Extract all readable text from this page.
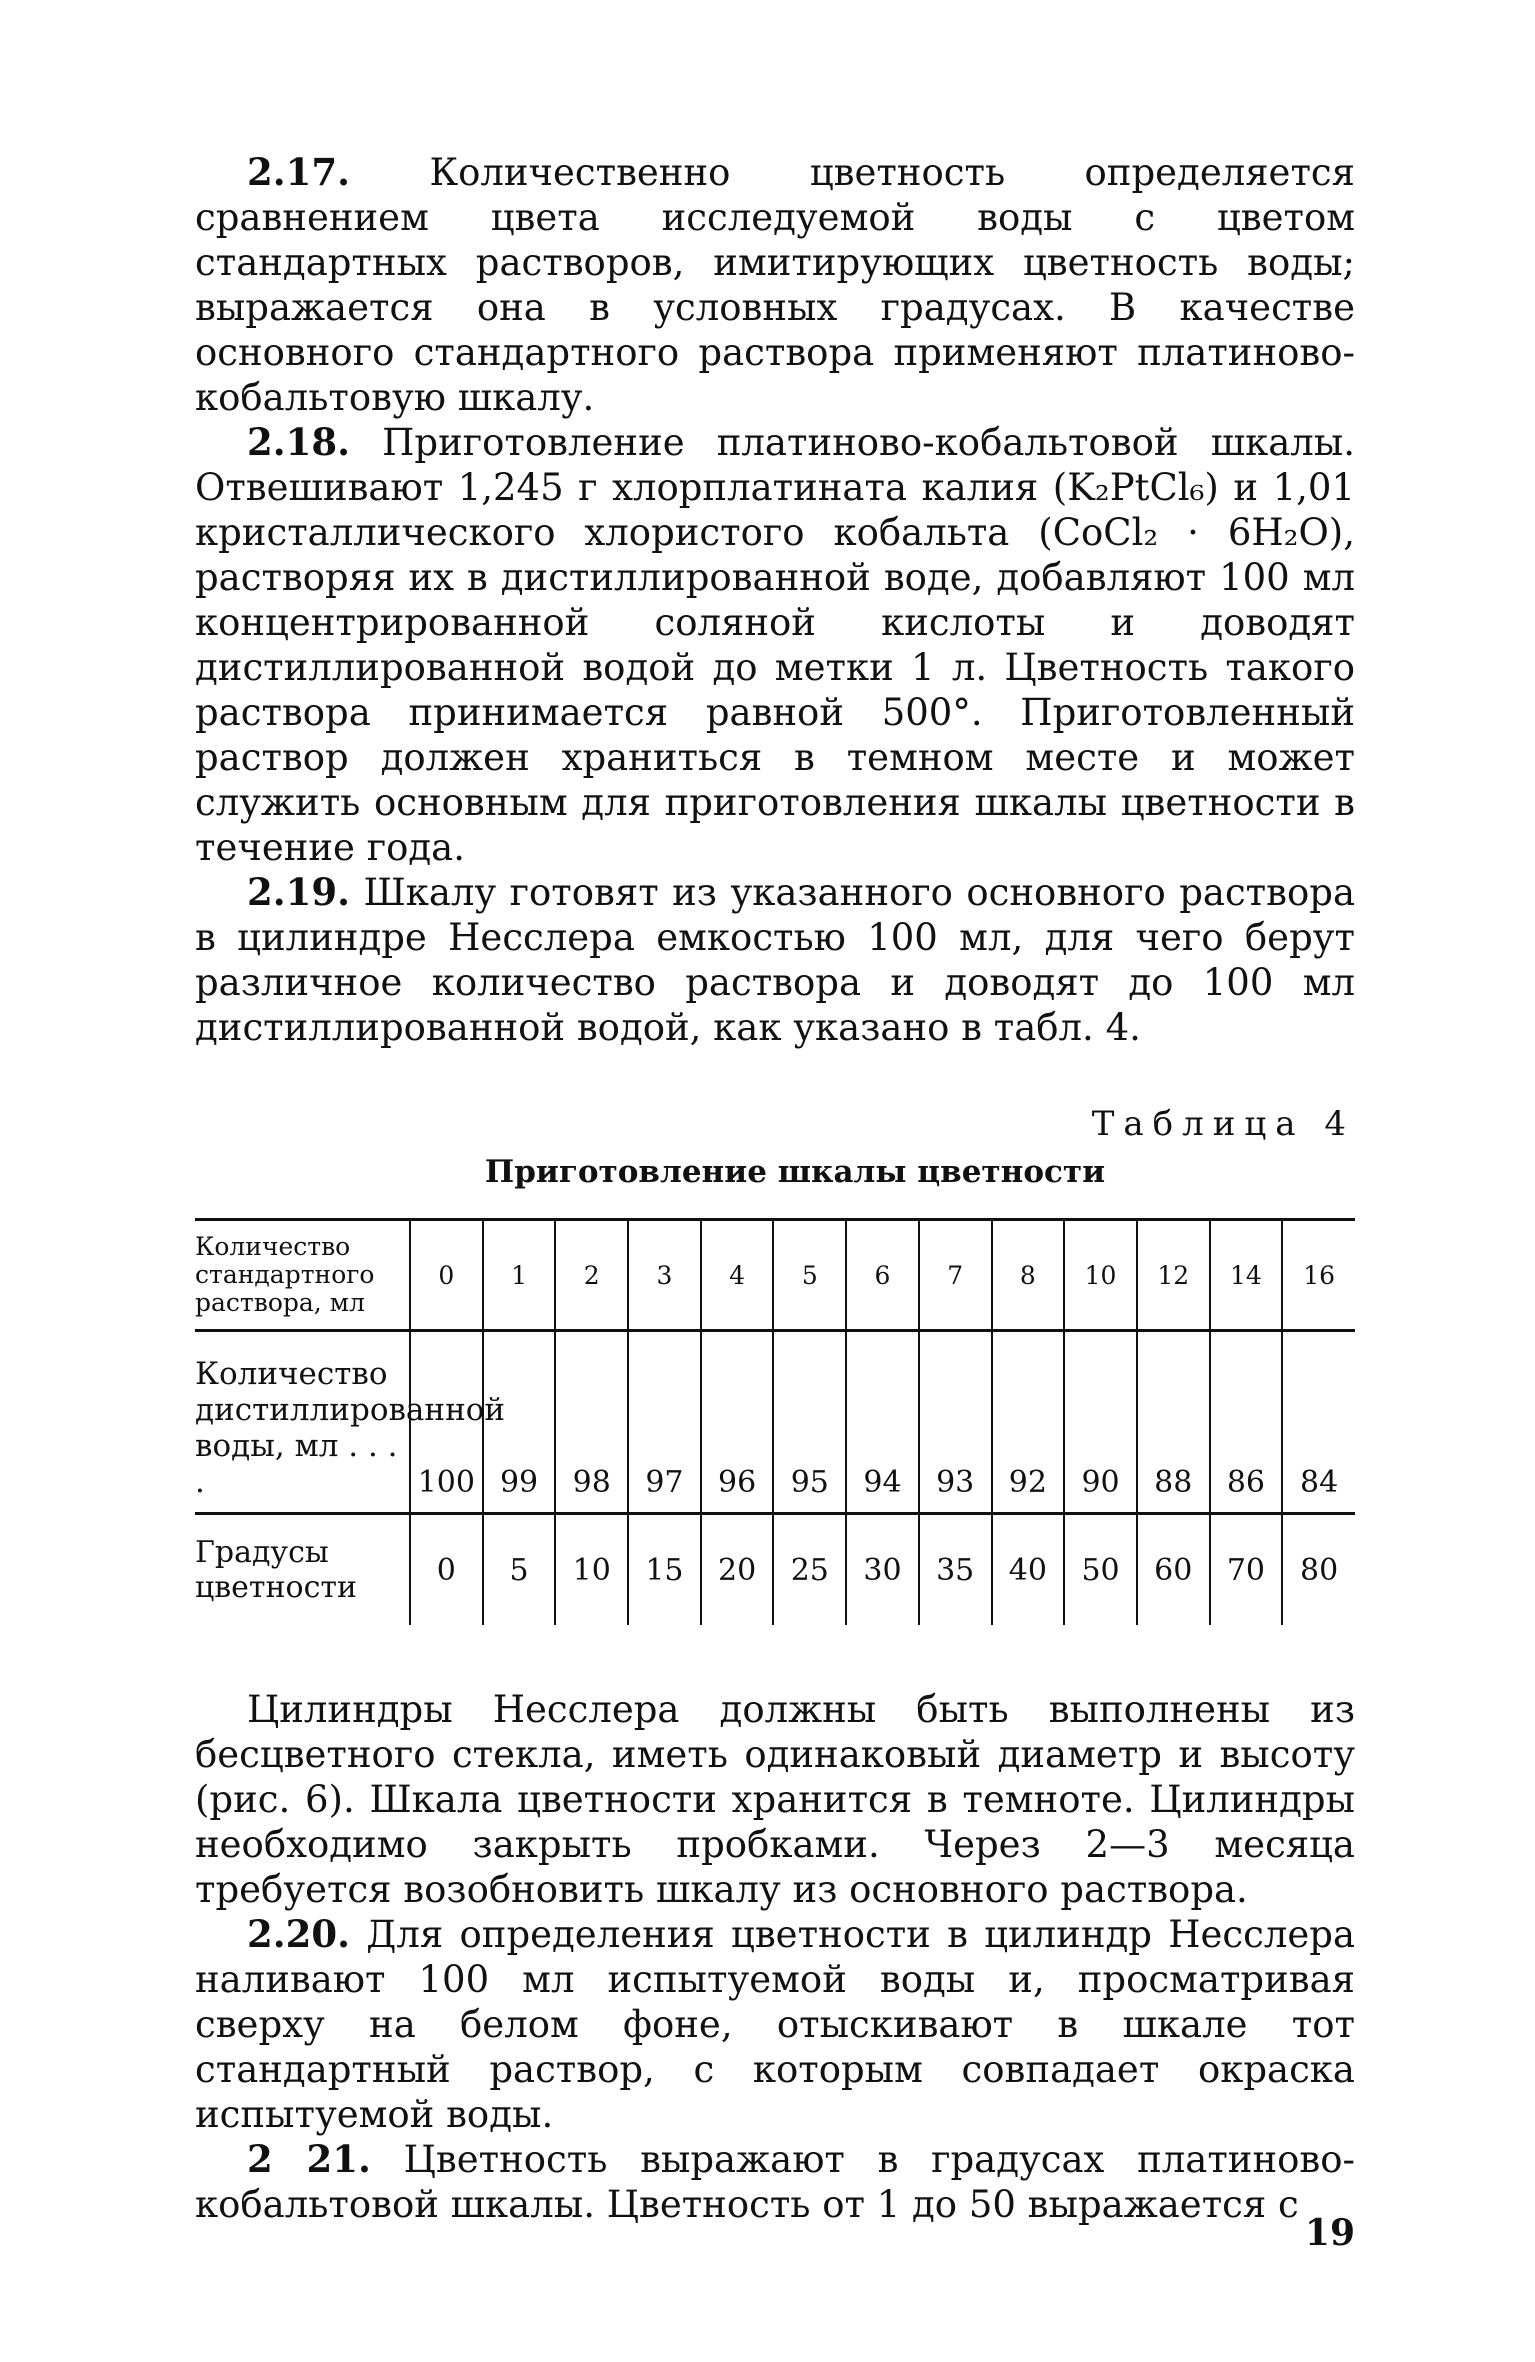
2.17. Количественно цветность определяется сравнением цвета исследуемой воды с цветом стандартных растворов, имитирующих цветность воды; выражается она в условных градусах. В качестве основного стандартного раствора применяют платиново-кобальтовую шкалу.

2.18. Приготовление платиново-кобальтовой шкалы. Отвешивают 1,245 г хлорплатината калия (K₂PtCl₆) и 1,01 кристаллического хлористого кобальта (CoCl₂ · 6H₂O), растворяя их в дистиллированной воде, добавляют 100 мл концентрированной соляной кислоты и доводят дистиллированной водой до метки 1 л. Цветность такого раствора принимается равной 500°. Приготовленный раствор должен храниться в темном месте и может служить основным для приготовления шкалы цветности в течение года.

2.19. Шкалу готовят из указанного основного раствора в цилиндре Несслера емкостью 100 мл, для чего берут различное количество раствора и доводят до 100 мл дистиллированной водой, как указано в табл. 4.

Таблица 4
Приготовление шкалы цветности
Количество стандартного раствора, мл	0	1	2	3	4	5	6	7	8	10	12	14	16
Количество дистиллированной воды, мл . . . .	100	99	98	97	96	95	94	93	92	90	88	86	84
Градусы цветности	0	5	10	15	20	25	30	35	40	50	60	70	80

Цилиндры Несслера должны быть выполнены из бесцветного стекла, иметь одинаковый диаметр и высоту (рис. 6). Шкала цветности хранится в темноте. Цилиндры необходимо закрыть пробками. Через 2—3 месяца требуется возобновить шкалу из основного раствора.

2.20. Для определения цветности в цилиндр Несслера наливают 100 мл испытуемой воды и, просматривая сверху на белом фоне, отыскивают в шкале тот стандартный раствор, с которым совпадает окраска испытуемой воды.

2 21. Цветность выражают в градусах платиново-кобальтовой шкалы. Цветность от 1 до 50 выражается с

19
